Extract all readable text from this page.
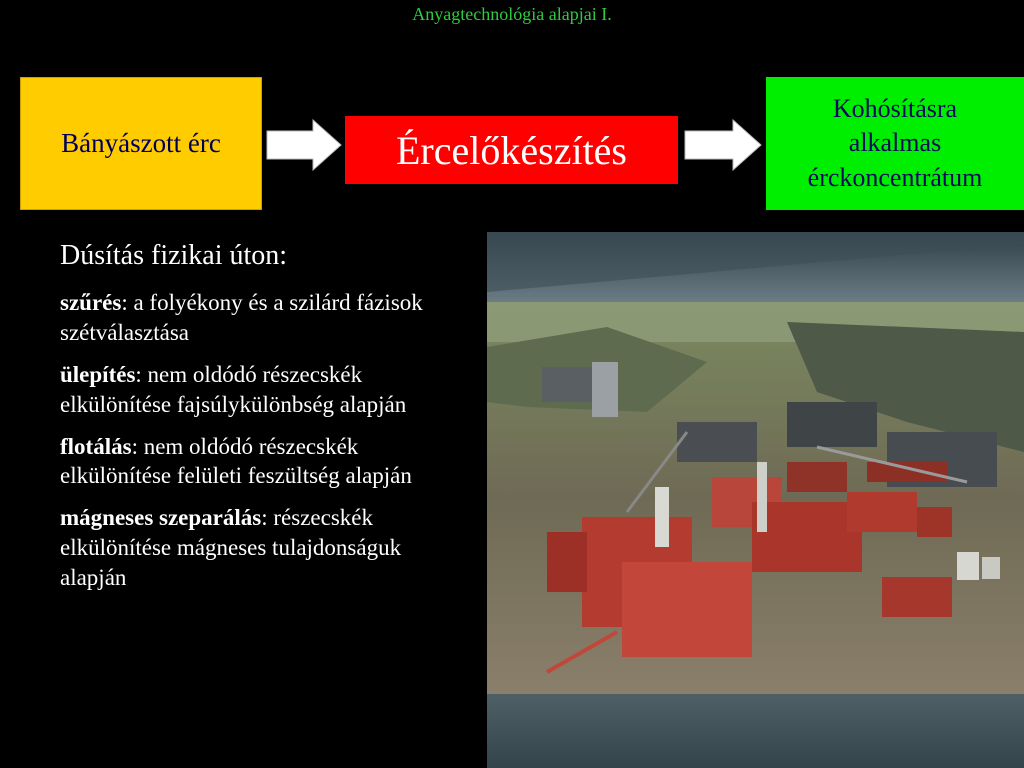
Anyagtechnológia alapjai I.
Bányászott érc	Ércelőkészítés
Kohósításra
alkalmas
érckoncentrátum
Dúsítás fizikai úton:
szűrés: a folyékony és a szilárd fázisok szétválasztása
ülepítés: nem oldódó részecskék elkülönítése fajsúlykülönbség alapján
flotálás: nem oldódó részecskék elkülönítése felületi feszültség alapján
mágneses szeparálás: részecskék elkülönítése mágneses tulajdonságuk alapján
